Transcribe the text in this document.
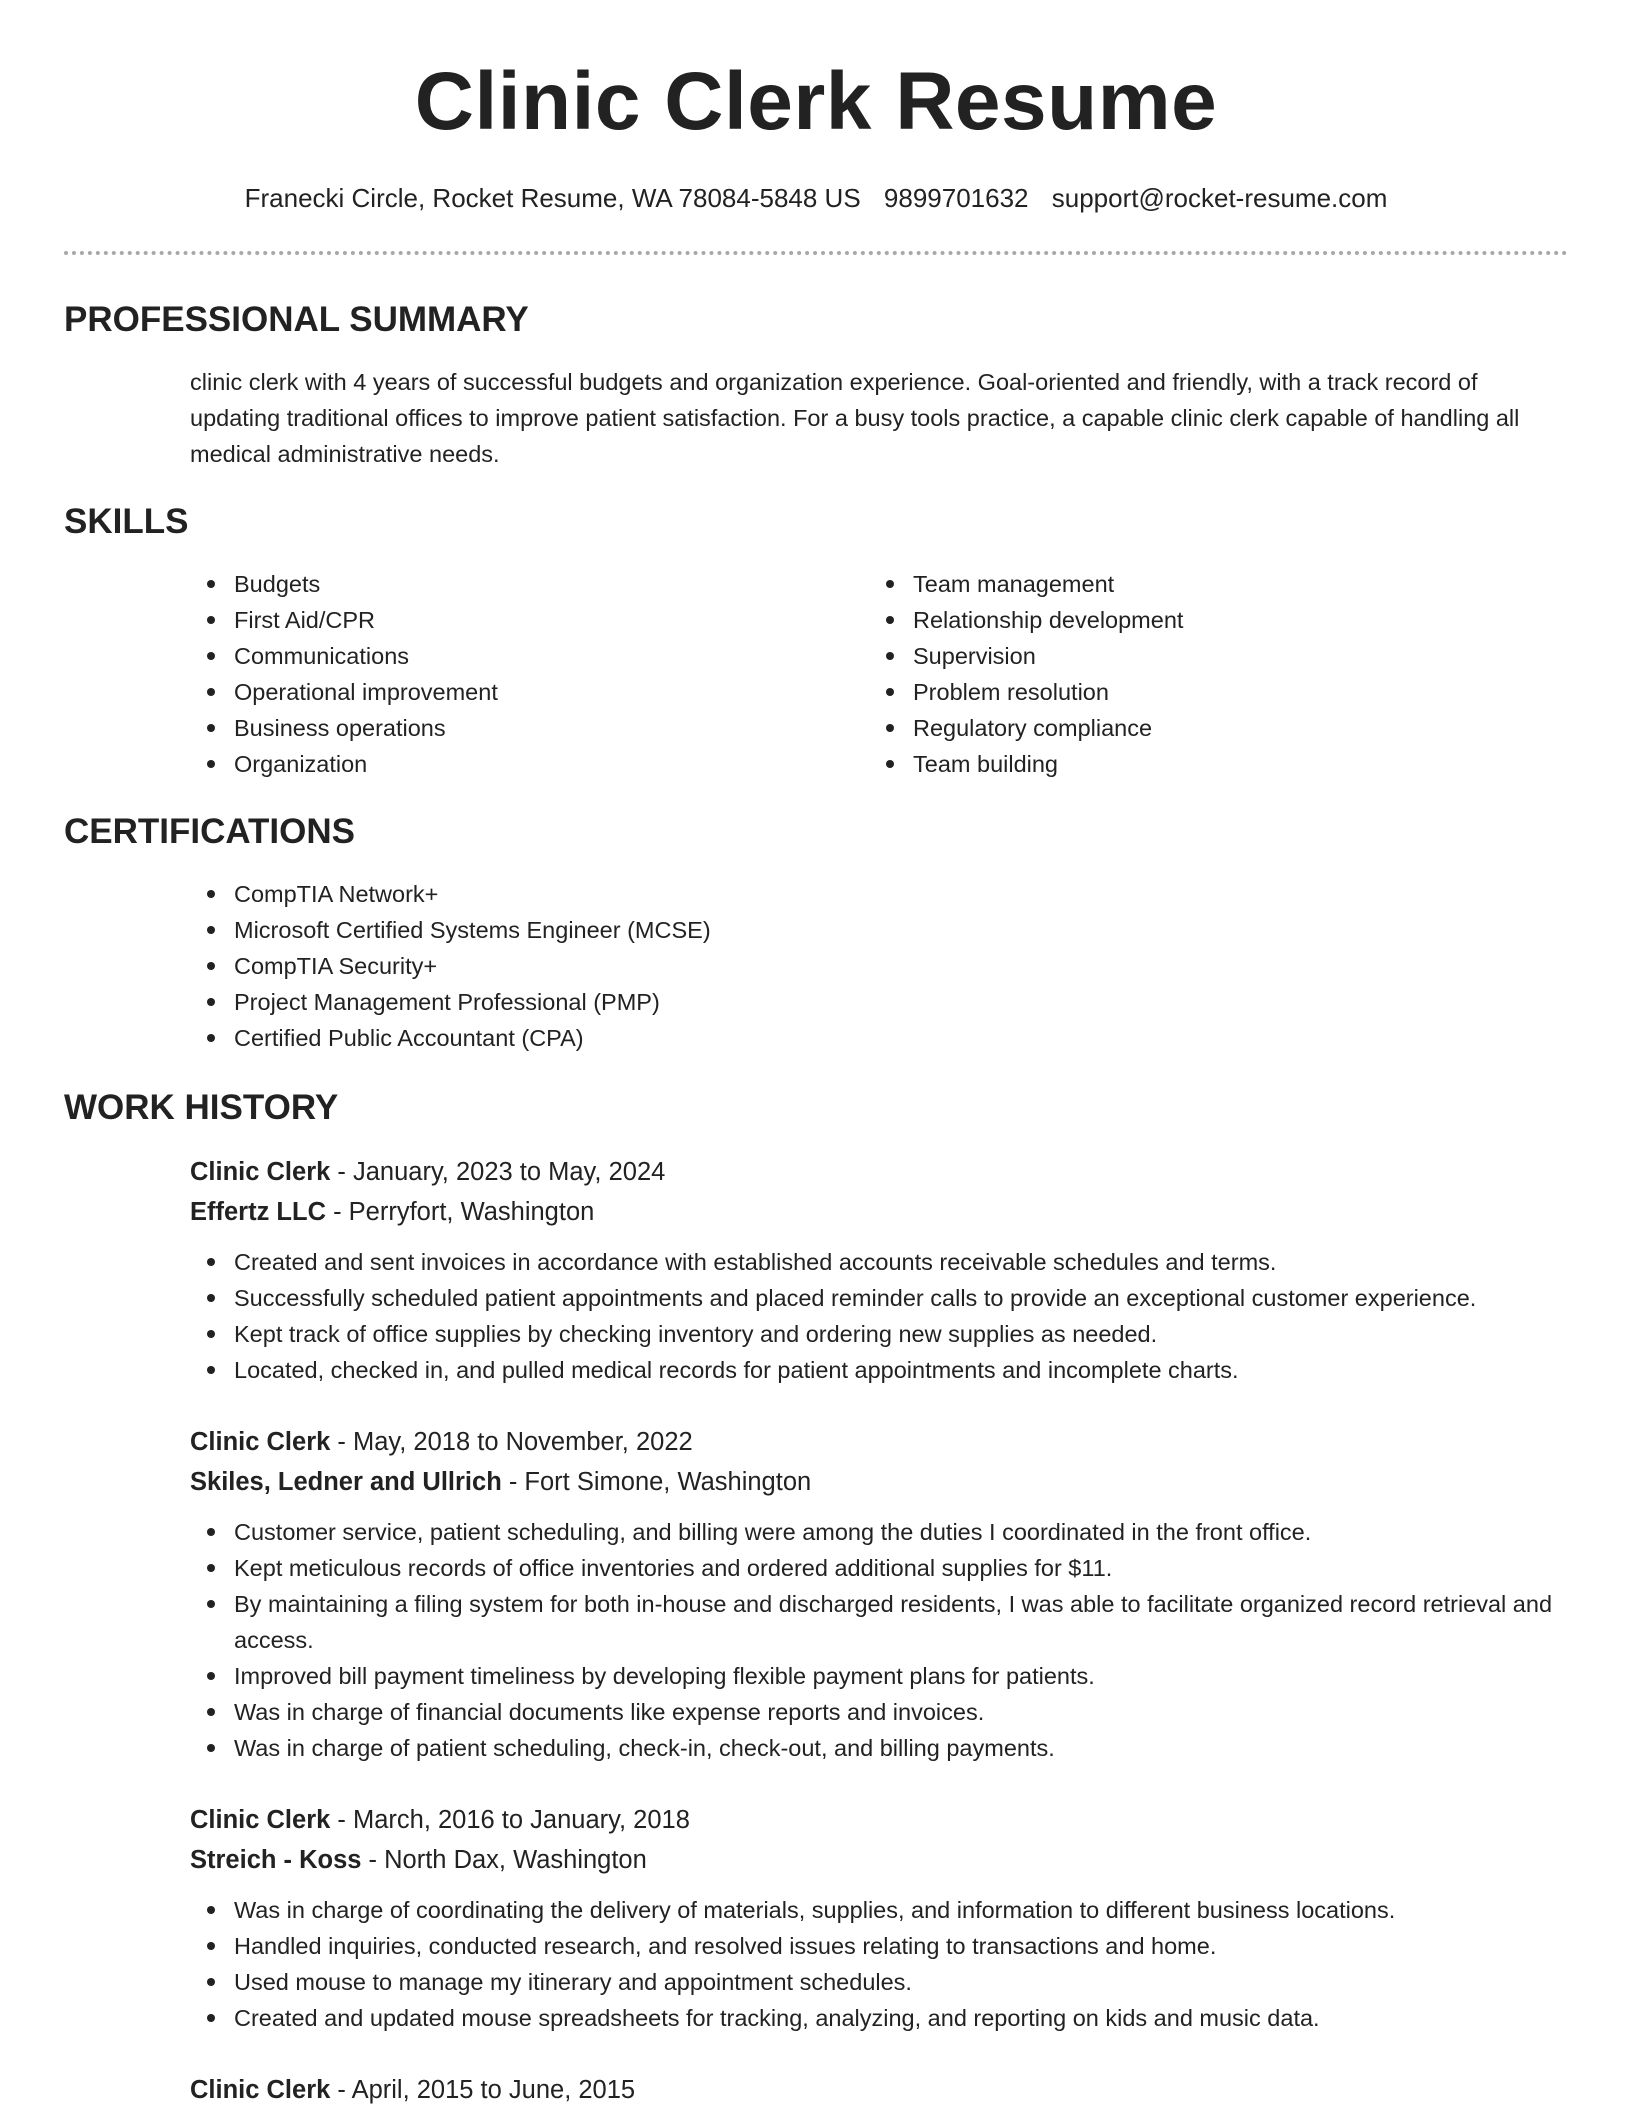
Clinic Clerk Resume
Franecki Circle, Rocket Resume, WA 78084-5848 US 9899701632 support@rocket-resume.com
PROFESSIONAL SUMMARY
clinic clerk with 4 years of successful budgets and organization experience. Goal-oriented and friendly, with a track record of updating traditional offices to improve patient satisfaction. For a busy tools practice, a capable clinic clerk capable of handling all medical administrative needs.
SKILLS
Budgets
First Aid/CPR
Communications
Operational improvement
Business operations
Organization
Team management
Relationship development
Supervision
Problem resolution
Regulatory compliance
Team building
CERTIFICATIONS
CompTIA Network+
Microsoft Certified Systems Engineer (MCSE)
CompTIA Security+
Project Management Professional (PMP)
Certified Public Accountant (CPA)
WORK HISTORY
Clinic Clerk - January, 2023 to May, 2024
Effertz LLC - Perryfort, Washington
Created and sent invoices in accordance with established accounts receivable schedules and terms.
Successfully scheduled patient appointments and placed reminder calls to provide an exceptional customer experience.
Kept track of office supplies by checking inventory and ordering new supplies as needed.
Located, checked in, and pulled medical records for patient appointments and incomplete charts.
Clinic Clerk - May, 2018 to November, 2022
Skiles, Ledner and Ullrich - Fort Simone, Washington
Customer service, patient scheduling, and billing were among the duties I coordinated in the front office.
Kept meticulous records of office inventories and ordered additional supplies for $11.
By maintaining a filing system for both in-house and discharged residents, I was able to facilitate organized record retrieval and access.
Improved bill payment timeliness by developing flexible payment plans for patients.
Was in charge of financial documents like expense reports and invoices.
Was in charge of patient scheduling, check-in, check-out, and billing payments.
Clinic Clerk - March, 2016 to January, 2018
Streich - Koss - North Dax, Washington
Was in charge of coordinating the delivery of materials, supplies, and information to different business locations.
Handled inquiries, conducted research, and resolved issues relating to transactions and home.
Used mouse to manage my itinerary and appointment schedules.
Created and updated mouse spreadsheets for tracking, analyzing, and reporting on kids and music data.
Clinic Clerk - April, 2015 to June, 2015
